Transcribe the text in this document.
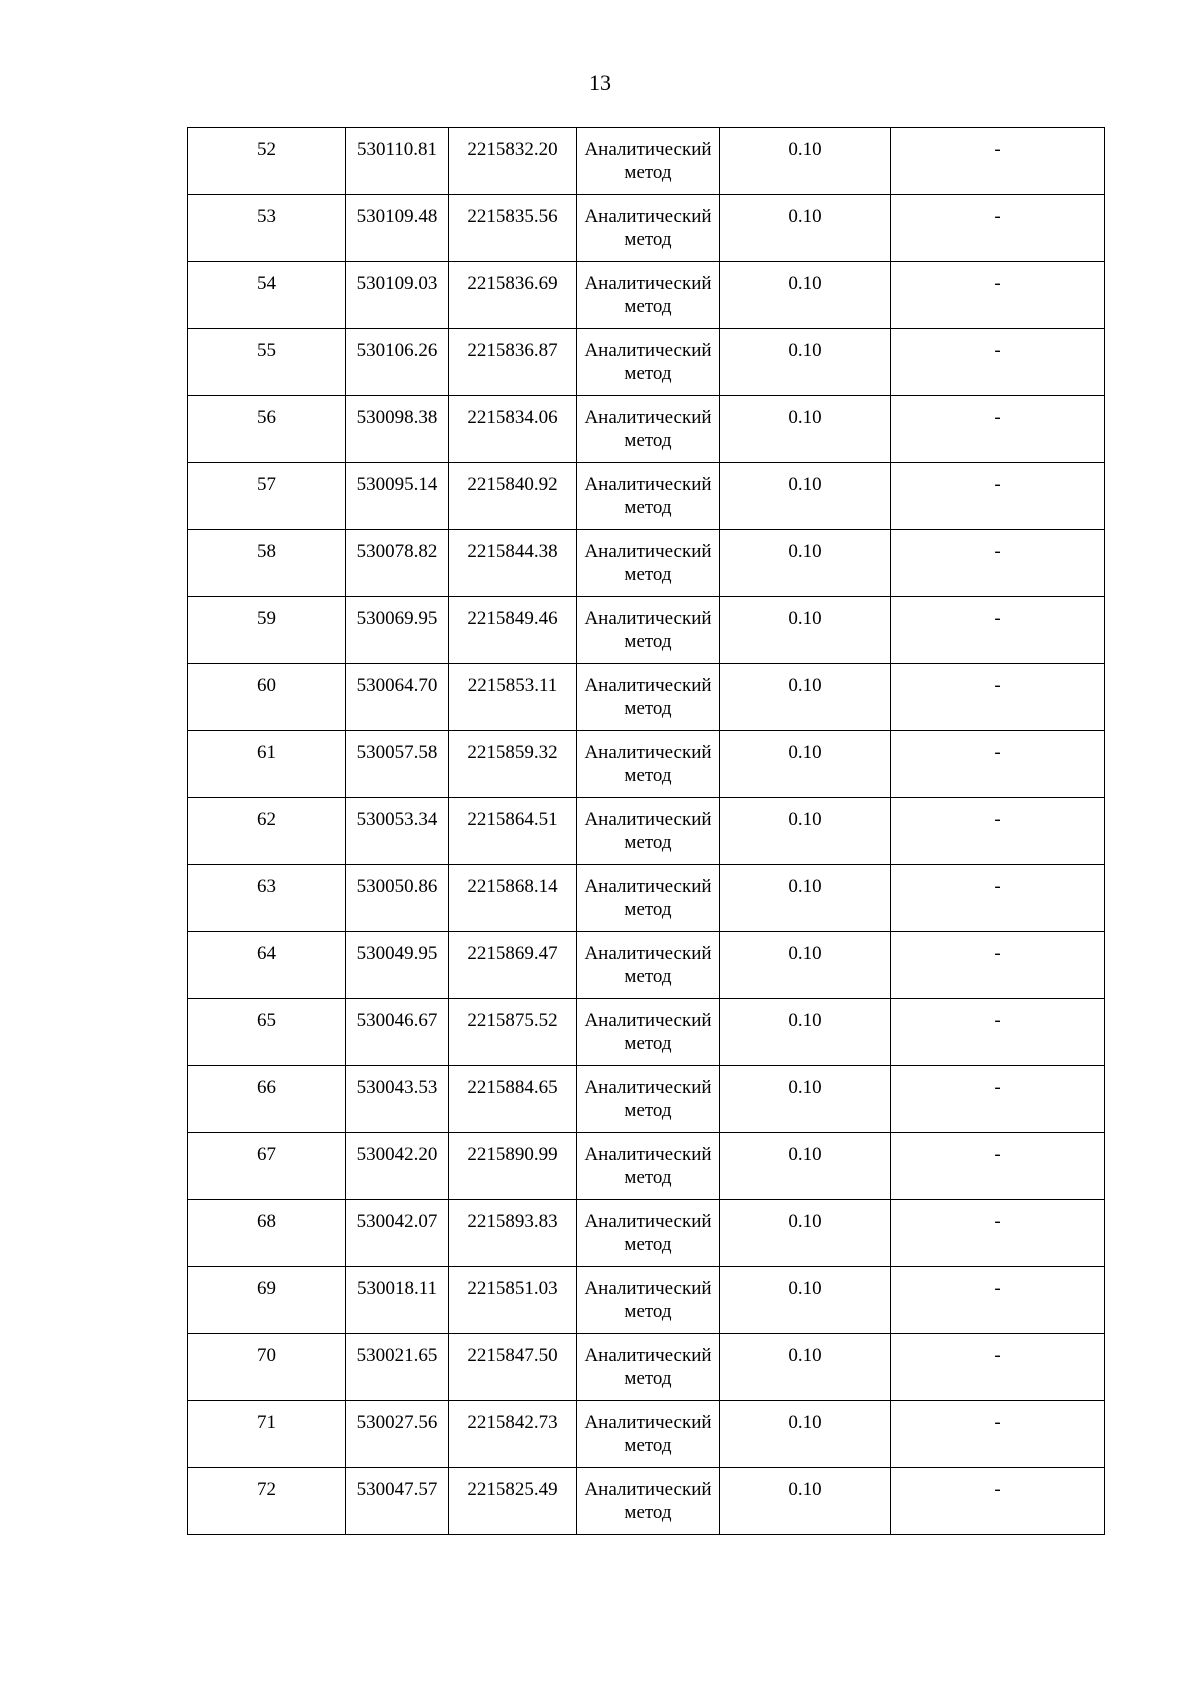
13
52	530110.81	2215832.20	Аналитический
метод	0.10	-
53	530109.48	2215835.56	Аналитический
метод	0.10	-
54	530109.03	2215836.69	Аналитический
метод	0.10	-
55	530106.26	2215836.87	Аналитический
метод	0.10	-
56	530098.38	2215834.06	Аналитический
метод	0.10	-
57	530095.14	2215840.92	Аналитический
метод	0.10	-
58	530078.82	2215844.38	Аналитический
метод	0.10	-
59	530069.95	2215849.46	Аналитический
метод	0.10	-
60	530064.70	2215853.11	Аналитический
метод	0.10	-
61	530057.58	2215859.32	Аналитический
метод	0.10	-
62	530053.34	2215864.51	Аналитический
метод	0.10	-
63	530050.86	2215868.14	Аналитический
метод	0.10	-
64	530049.95	2215869.47	Аналитический
метод	0.10	-
65	530046.67	2215875.52	Аналитический
метод	0.10	-
66	530043.53	2215884.65	Аналитический
метод	0.10	-
67	530042.20	2215890.99	Аналитический
метод	0.10	-
68	530042.07	2215893.83	Аналитический
метод	0.10	-
69	530018.11	2215851.03	Аналитический
метод	0.10	-
70	530021.65	2215847.50	Аналитический
метод	0.10	-
71	530027.56	2215842.73	Аналитический
метод	0.10	-
72	530047.57	2215825.49	Аналитический
метод	0.10	-
